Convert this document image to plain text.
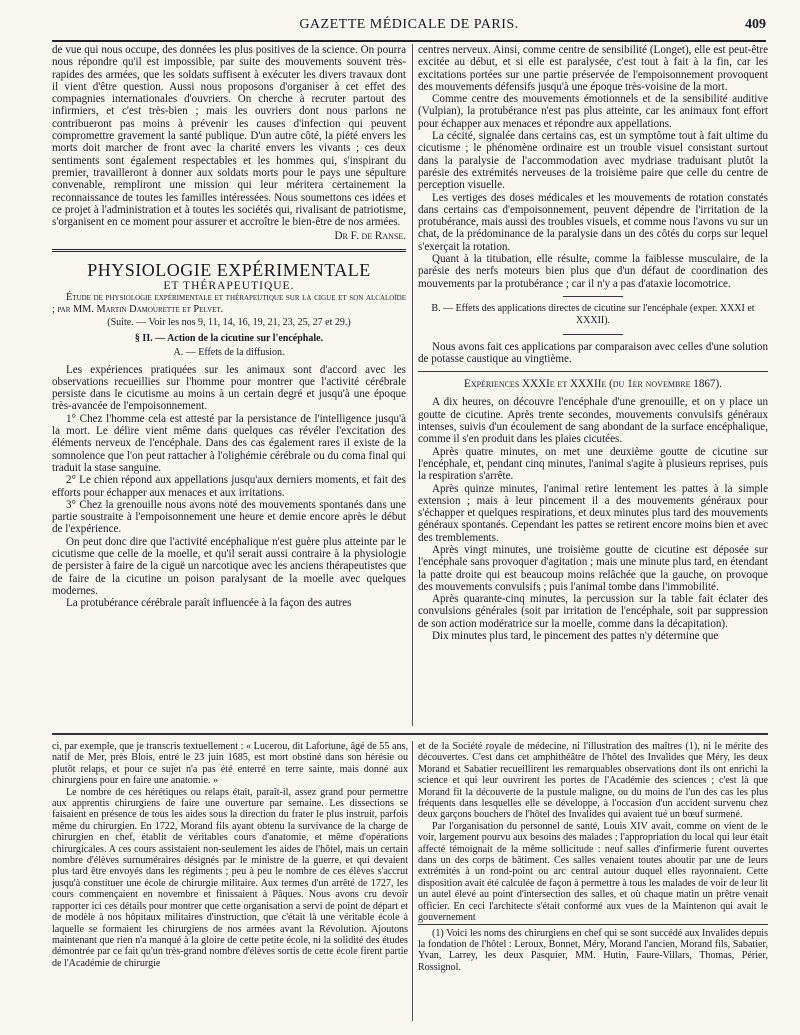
GAZETTE MÉDICALE DE PARIS.	409

de vue qui nous occupe, des données les plus positives de la science. On pourra nous répondre qu'il est impossible, par suite des mouvements souvent très-rapides des armées, que les soldats suffisent à exécuter les divers travaux dont il vient d'être question. Aussi nous proposons d'organiser à cet effet des compagnies internationales d'ouvriers. On cherche à recruter partout des infirmiers, et c'est très-bien ; mais les ouvriers dont nous parlons ne contribueront pas moins à prévenir les causes d'infection qui peuvent compromettre gravement la santé publique. D'un autre côté, la piété envers les morts doit marcher de front avec la charité envers les vivants ; ces deux sentiments sont également respectables et les hommes qui, s'inspirant du premier, travailleront à donner aux soldats morts pour le pays une sépulture convenable, rempliront une mission qui leur méritera certainement la reconnaissance de toutes les familles intéressées. Nous soumettons ces idées et ce projet à l'administration et à toutes les sociétés qui, rivalisant de patriotisme, s'organisent en ce moment pour assurer et accroître le bien-être de nos armées.

Dr F. de Ranse.

PHYSIOLOGIE EXPÉRIMENTALE

ET THÉRAPEUTIQUE.

Étude de physiologie expérimentale et thérapeutique sur la cigue et son alcaloïde ; par MM. Martin Damourette et Pelvet.

(Suite. — Voir les nos 9, 11, 14, 16, 19, 21, 23, 25, 27 et 29.)

§ II. — Action de la cicutine sur l'encéphale.

A. — Effets de la diffusion.

Les expériences pratiquées sur les animaux sont d'accord avec les observations recueillies sur l'homme pour montrer que l'activité cérébrale persiste dans le cicutisme au moins à un certain degré et jusqu'à une époque très-avancée de l'empoisonnement.

1° Chez l'homme cela est attesté par la persistance de l'intelligence jusqu'à la mort. Le délire vient même dans quelques cas révéler l'excitation des éléments nerveux de l'encéphale. Dans des cas également rares il existe de la somnolence que l'on peut rattacher à l'olighémie cérébrale ou du coma final qui traduit la stase sanguine.

2° Le chien répond aux appellations jusqu'aux derniers moments, et fait des efforts pour échapper aux menaces et aux irritations.

3° Chez la grenouille nous avons noté des mouvements spontanés dans une partie soustraite à l'empoisonnement une heure et demie encore après le début de l'expérience.

On peut donc dire que l'activité encéphalique n'est guère plus atteinte par le cicutisme que celle de la moelle, et qu'il serait aussi contraire à la physiologie de persister à faire de la ciguë un narcotique avec les anciens thérapeutistes que de faire de la cicutine un poison paralysant de la moelle avec quelques modernes.

La protubérance cérébrale paraît influencée à la façon des autres

centres nerveux. Ainsi, comme centre de sensibilité (Longet), elle est peut-être excitée au début, et si elle est paralysée, c'est tout à fait à la fin, car les excitations portées sur une partie préservée de l'empoisonnement provoquent des mouvements défensifs jusqu'à une époque très-voisine de la mort.

Comme centre des mouvements émotionnels et de la sensibilité auditive (Vulpian), la protubérance n'est pas plus atteinte, car les animaux font effort pour échapper aux menaces et répondre aux appellations.

La cécité, signalée dans certains cas, est un symptôme tout à fait ultime du cicutisme ; le phénomène ordinaire est un trouble visuel consistant surtout dans la paralysie de l'accommodation avec mydriase traduisant plutôt la parésie des extrémités nerveuses de la troisième paire que celle du centre de perception visuelle.

Les vertiges des doses médicales et les mouvements de rotation constatés dans certains cas d'empoisonnement, peuvent dépendre de l'irritation de la protubérance, mais aussi des troubles visuels, et comme nous l'avons vu sur un chat, de la prédominance de la paralysie dans un des côtés du corps sur lequel s'exerçait la rotation.

Quant à la titubation, elle résulte, comme la faiblesse musculaire, de la parésie des nerfs moteurs bien plus que d'un défaut de coordination des mouvements par la protubérance ; car il n'y a pas d'ataxie locomotrice.

B. — Effets des applications directes de cicutine sur l'encéphale (exper. XXXI et XXXII).

Nous avons fait ces applications par comparaison avec celles d'une solution de potasse caustique au vingtième.

Expériences XXXIe et XXXIIe (du 1er novembre 1867).

A dix heures, on découvre l'encéphale d'une grenouille, et on y place un goutte de cicutine. Après trente secondes, mouvements convulsifs généraux intenses, suivis d'un écoulement de sang abondant de la surface encéphalique, comme il s'en produit dans les plaies cicutées.

Après quatre minutes, on met une deuxième goutte de cicutine sur l'encéphale, et, pendant cinq minutes, l'animal s'agite à plusieurs reprises, puis la respiration s'arrête.

Après quinze minutes, l'animal retire lentement les pattes à la simple extension ; mais à leur pincement il a des mouvements généraux pour s'échapper et quelques respirations, et deux minutes plus tard des mouvements généraux spontanés. Cependant les pattes se retirent encore moins bien et avec des tremblements.

Après vingt minutes, une troisième goutte de cicutine est déposée sur l'encéphale sans provoquer d'agitation ; mais une minute plus tard, en étendant la patte droite qui est beaucoup moins relâchée que la gauche, on provoque des mouvements convulsifs ; puis l'animal tombe dans l'immobilité.

Après quarante-cinq minutes, la percussion sur la table fait éclater des convulsions générales (soit par irritation de l'encéphale, soit par suppression de son action modératrice sur la moelle, comme dans la décapitation).

Dix minutes plus tard, le pincement des pattes n'y détermine que

ci, par exemple, que je transcris textuellement : « Lucerou, dit Lafortune, âgé de 55 ans, natif de Mer, près Blois, entré le 23 juin 1685, est mort obstiné dans son hérésie ou plutôt relaps, et pour ce sujet n'a pas été enterré en terre sainte, mais donné aux chirurgiens pour en faire une anatomie. »

Le nombre de ces hérétiques ou relaps était, paraît-il, assez grand pour permettre aux apprentis chirurgiens de faire une ouverture par semaine. Les dissections se faisaient en présence de tous les aides sous la direction du frater le plus instruit, parfois même du chirurgien. En 1722, Morand fils ayant obtenu la survivance de la charge de chirurgien en chef, établit de véritables cours d'anatomie, et même d'opérations chirurgicales. A ces cours assistaient non-seulement les aides de l'hôtel, mais un certain nombre d'élèves surnuméraires désignés par le ministre de la guerre, et qui devaient plus tard être envoyés dans les régiments ; peu à peu le nombre de ces élèves s'accrut jusqu'à constituer une école de chirurgie militaire. Aux termes d'un arrêté de 1727, les cours commençaient en novembre et finissaient à Pâques. Nous avons cru devoir rapporter ici ces détails pour montrer que cette organisation a servi de point de départ et de modèle à nos hôpitaux militaires d'instruction, que c'était là une véritable école à laquelle se formaient les chirurgiens de nos armées avant la Révolution. Ajoutons maintenant que rien n'a manqué à la gloire de cette petite école, ni la solidité des études démontrée par ce fait qu'un très-grand nombre d'élèves sortis de cette école firent partie de l'Académie de chirurgie

et de la Société royale de médecine, ni l'illustration des maîtres (1), ni le mérite des découvertes. C'est dans cet amphithéâtre de l'hôtel des Invalides que Méry, les deux Morand et Sabatier recueillirent les remarquables observations dont ils ont enrichi la science et qui leur ouvrirent les portes de l'Académie des sciences ; c'est là que Morand fit la découverte de la pustule maligne, ou du moins de l'un des cas les plus fréquents dans lesquelles elle se développe, à l'occasion d'un accident survenu chez deux garçons bouchers de l'hôtel des Invalides qui avaient tué un bœuf surmené.

Par l'organisation du personnel de santé, Louis XIV avait, comme on vient de le voir, largement pourvu aux besoins des malades ; l'appropriation du local qui leur était affecté témoignait de la même sollicitude : neuf salles d'infirmerie furent ouvertes dans un des corps de bâtiment. Ces salles venaient toutes aboutir par une de leurs extrémités à un rond-point ou arc central autour duquel elles rayonnaient. Cette disposition avait été calculée de façon à permettre à tous les malades de voir de leur lit un autel élevé au point d'intersection des salles, et où chaque matin un prêtre venait officier. En ceci l'architecte s'était conformé aux vues de la Maintenon qui avait le gouvernement

(1) Voici les noms des chirurgiens en chef qui se sont succédé aux Invalides depuis la fondation de l'hôtel : Leroux, Bonnet, Méry, Morand l'ancien, Morand fils, Sabatier, Yvan, Larrey, les deux Pasquier, MM. Hutin, Faure-Villars, Thomas, Périer, Rossignol.
